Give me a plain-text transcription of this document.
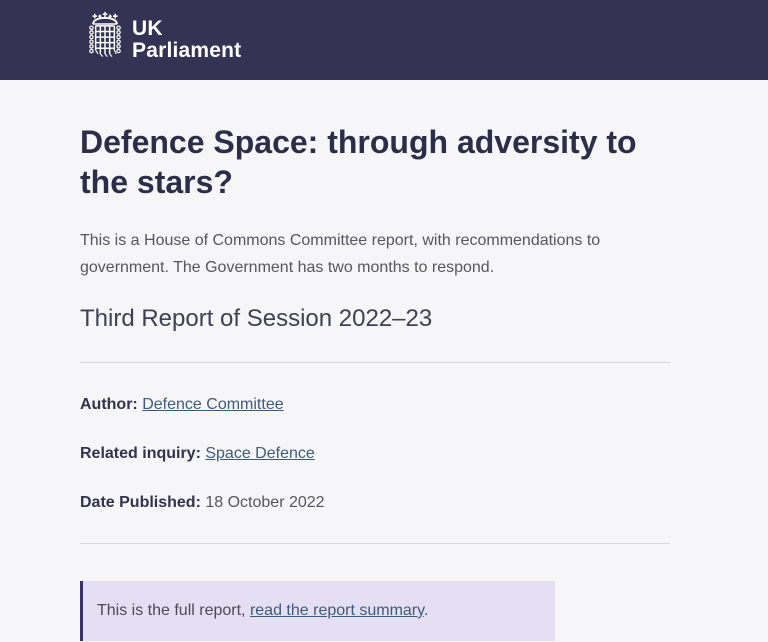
UK
Parliament
Defence Space: through adversity to the stars?

This is a House of Commons Committee report, with recommendations to government. The Government has two months to respond.

Third Report of Session 2022–23
Author: Defence Committee
Related inquiry: Space Defence
Date Published: 18 October 2022
This is the full report, read the report summary.
